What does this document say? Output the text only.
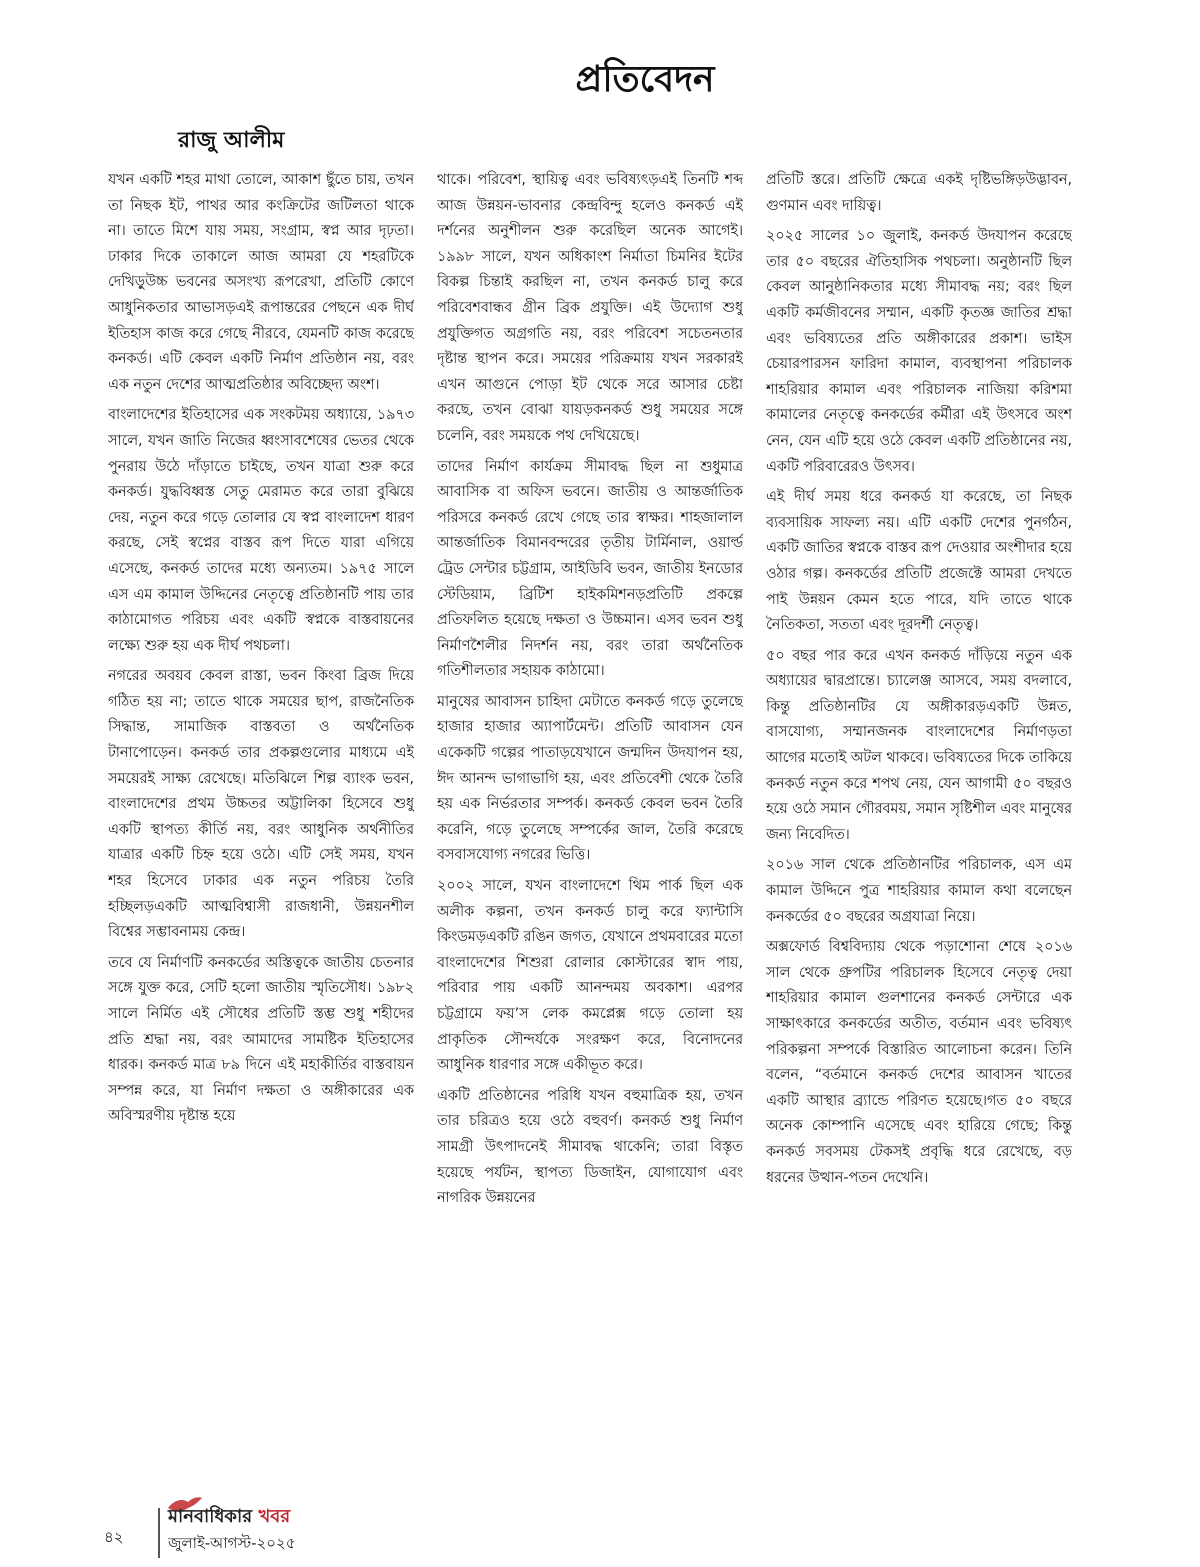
প্রতিবেদন
রাজু আলীম

যখন একটি শহর মাথা তোলে, আকাশ ছুঁতে চায়, তখন তা নিছক ইট, পাথর আর কংক্রিটের জটিলতা থাকে না। তাতে মিশে যায় সময়, সংগ্রাম, স্বপ্ন আর দৃঢ়তা। ঢাকার দিকে তাকালে আজ আমরা যে শহরটিকে দেখিড়ুউচ্চ ভবনের অসংখ্য রূপরেখা, প্রতিটি কোণে আধুনিকতার আভাসড়এই রূপান্তরের পেছনে এক দীর্ঘ ইতিহাস কাজ করে গেছে নীরবে, যেমনটি কাজ করেছে কনকর্ড। এটি কেবল একটি নির্মাণ প্রতিষ্ঠান নয়, বরং এক নতুন দেশের আত্মপ্রতিষ্ঠার অবিচ্ছেদ্য অংশ।

বাংলাদেশের ইতিহাসের এক সংকটময় অধ্যায়ে, ১৯৭৩ সালে, যখন জাতি নিজের ধ্বংসাবশেষের ভেতর থেকে পুনরায় উঠে দাঁড়াতে চাইছে, তখন যাত্রা শুরু করে কনকর্ড। যুদ্ধবিধ্বস্ত সেতু মেরামত করে তারা বুঝিয়ে দেয়, নতুন করে গড়ে তোলার যে স্বপ্ন বাংলাদেশ ধারণ করছে, সেই স্বপ্নের বাস্তব রূপ দিতে যারা এগিয়ে এসেছে, কনকর্ড তাদের মধ্যে অন্যতম। ১৯৭৫ সালে এস এম কামাল উদ্দিনের নেতৃত্বে প্রতিষ্ঠানটি পায় তার কাঠামোগত পরিচয় এবং একটি স্বপ্নকে বাস্তবায়নের লক্ষ্যে শুরু হয় এক দীর্ঘ পথচলা।

নগরের অবয়ব কেবল রাস্তা, ভবন কিংবা ব্রিজ দিয়ে গঠিত হয় না; তাতে থাকে সময়ের ছাপ, রাজনৈতিক সিদ্ধান্ত, সামাজিক বাস্তবতা ও অর্থনৈতিক টানাপোড়েন। কনকর্ড তার প্রকল্পগুলোর মাধ্যমে এই সময়েরই সাক্ষ্য রেখেছে। মতিঝিলে শিল্প ব্যাংক ভবন, বাংলাদেশের প্রথম উচ্চতর অট্টালিকা হিসেবে শুধু একটি স্থাপত্য কীর্তি নয়, বরং আধুনিক অর্থনীতির যাত্রার একটি চিহ্ন হয়ে ওঠে। এটি সেই সময়, যখন শহর হিসেবে ঢাকার এক নতুন পরিচয় তৈরি হচ্ছিলড়একটি আত্মবিশ্বাসী রাজধানী, উন্নয়নশীল বিশ্বের সম্ভাবনাময় কেন্দ্র।

তবে যে নির্মাণটি কনকর্ডের অস্তিত্বকে জাতীয় চেতনার সঙ্গে যুক্ত করে, সেটি হলো জাতীয় স্মৃতিসৌধ। ১৯৮২ সালে নির্মিত এই সৌধের প্রতিটি স্তম্ভ শুধু শহীদের প্রতি শ্রদ্ধা নয়, বরং আমাদের সামষ্টিক ইতিহাসের ধারক। কনকর্ড মাত্র ৮৯ দিনে এই মহাকীর্তির বাস্তবায়ন সম্পন্ন করে, যা নির্মাণ দক্ষতা ও অঙ্গীকারের এক অবিস্মরণীয় দৃষ্টান্ত হয়ে

থাকে। পরিবেশ, স্থায়িত্ব এবং ভবিষ্যৎড়এই তিনটি শব্দ আজ উন্নয়ন-ভাবনার কেন্দ্রবিন্দু হলেও কনকর্ড এই দর্শনের অনুশীলন শুরু করেছিল অনেক আগেই। ১৯৯৮ সালে, যখন অধিকাংশ নির্মাতা চিমনির ইটের বিকল্প চিন্তাই করছিল না, তখন কনকর্ড চালু করে পরিবেশবান্ধব গ্রীন ব্রিক প্রযুক্তি। এই উদ্যোগ শুধু প্রযুক্তিগত অগ্রগতি নয়, বরং পরিবেশ সচেতনতার দৃষ্টান্ত স্থাপন করে। সময়ের পরিক্রমায় যখন সরকারই এখন আগুনে পোড়া ইট থেকে সরে আসার চেষ্টা করছে, তখন বোঝা যায়ড়কনকর্ড শুধু সময়ের সঙ্গে চলেনি, বরং সময়কে পথ দেখিয়েছে।

তাদের নির্মাণ কার্যক্রম সীমাবদ্ধ ছিল না শুধুমাত্র আবাসিক বা অফিস ভবনে। জাতীয় ও আন্তর্জাতিক পরিসরে কনকর্ড রেখে গেছে তার স্বাক্ষর। শাহজালাল আন্তর্জাতিক বিমানবন্দরের তৃতীয় টার্মিনাল, ওয়ার্ল্ড ট্রেড সেন্টার চট্টগ্রাম, আইডিবি ভবন, জাতীয় ইনডোর স্টেডিয়াম, ব্রিটিশ হাইকমিশনড়প্রতিটি প্রকল্পে প্রতিফলিত হয়েছে দক্ষতা ও উচ্চমান। এসব ভবন শুধু নির্মাণশৈলীর নিদর্শন নয়, বরং তারা অর্থনৈতিক গতিশীলতার সহায়ক কাঠামো।

মানুষের আবাসন চাহিদা মেটাতে কনকর্ড গড়ে তুলেছে হাজার হাজার অ্যাপার্টমেন্ট। প্রতিটি আবাসন যেন একেকটি গল্পের পাতাড়যেখানে জন্মদিন উদযাপন হয়, ঈদ আনন্দ ভাগাভাগি হয়, এবং প্রতিবেশী থেকে তৈরি হয় এক নির্ভরতার সম্পর্ক। কনকর্ড কেবল ভবন তৈরি করেনি, গড়ে তুলেছে সম্পর্কের জাল, তৈরি করেছে বসবাসযোগ্য নগরের ভিত্তি।

২০০২ সালে, যখন বাংলাদেশে থিম পার্ক ছিল এক অলীক কল্পনা, তখন কনকর্ড চালু করে ফ্যান্টাসি কিংডমড়একটি রঙিন জগত, যেখানে প্রথমবারের মতো বাংলাদেশের শিশুরা রোলার কোস্টারের স্বাদ পায়, পরিবার পায় একটি আনন্দময় অবকাশ। এরপর চট্টগ্রামে ফয়’স লেক কমপ্লেক্স গড়ে তোলা হয় প্রাকৃতিক সৌন্দর্যকে সংরক্ষণ করে, বিনোদনের আধুনিক ধারণার সঙ্গে একীভূত করে।

একটি প্রতিষ্ঠানের পরিধি যখন বহুমাত্রিক হয়, তখন তার চরিত্রও হয়ে ওঠে বহুবর্ণ। কনকর্ড শুধু নির্মাণ সামগ্রী উৎপাদনেই সীমাবদ্ধ থাকেনি; তারা বিস্তৃত হয়েছে পর্যটন, স্থাপত্য ডিজাইন, যোগাযোগ এবং নাগরিক উন্নয়নের

প্রতিটি স্তরে। প্রতিটি ক্ষেত্রে একই দৃষ্টিভঙ্গিড়উদ্ভাবন, গুণমান এবং দায়িত্ব।

২০২৫ সালের ১০ জুলাই, কনকর্ড উদযাপন করেছে তার ৫০ বছরের ঐতিহাসিক পথচলা। অনুষ্ঠানটি ছিল কেবল আনুষ্ঠানিকতার মধ্যে সীমাবদ্ধ নয়; বরং ছিল একটি কর্মজীবনের সম্মান, একটি কৃতজ্ঞ জাতির শ্রদ্ধা এবং ভবিষ্যতের প্রতি অঙ্গীকারের প্রকাশ। ভাইস চেয়ারপারসন ফারিদা কামাল, ব্যবস্থাপনা পরিচালক শাহরিয়ার কামাল এবং পরিচালক নাজিয়া করিশমা কামালের নেতৃত্বে কনকর্ডের কর্মীরা এই উৎসবে অংশ নেন, যেন এটি হয়ে ওঠে কেবল একটি প্রতিষ্ঠানের নয়, একটি পরিবারেরও উৎসব।

এই দীর্ঘ সময় ধরে কনকর্ড যা করেছে, তা নিছক ব্যবসায়িক সাফল্য নয়। এটি একটি দেশের পুনর্গঠন, একটি জাতির স্বপ্নকে বাস্তব রূপ দেওয়ার অংশীদার হয়ে ওঠার গল্প। কনকর্ডের প্রতিটি প্রজেক্টে আমরা দেখতে পাই উন্নয়ন কেমন হতে পারে, যদি তাতে থাকে নৈতিকতা, সততা এবং দূরদর্শী নেতৃত্ব।

৫০ বছর পার করে এখন কনকর্ড দাঁড়িয়ে নতুন এক অধ্যায়ের দ্বারপ্রান্তে। চ্যালেঞ্জ আসবে, সময় বদলাবে, কিন্তু প্রতিষ্ঠানটির যে অঙ্গীকারড়একটি উন্নত, বাসযোগ্য, সম্মানজনক বাংলাদেশের নির্মাণড়তা আগের মতোই অটল থাকবে। ভবিষ্যতের দিকে তাকিয়ে কনকর্ড নতুন করে শপথ নেয়, যেন আগামী ৫০ বছরও হয়ে ওঠে সমান গৌরবময়, সমান সৃষ্টিশীল এবং মানুষের জন্য নিবেদিত।

২০১৬ সাল থেকে প্রতিষ্ঠানটির পরিচালক, এস এম কামাল উদ্দিনে পুত্র শাহরিয়ার কামাল কথা বলেছেন কনকর্ডের ৫০ বছরের অগ্রযাত্রা নিয়ে।

অক্সফোর্ড বিশ্ববিদ্যায় থেকে পড়াশোনা শেষে ২০১৬ সাল থেকে গ্রুপটির পরিচালক হিসেবে নেতৃত্ব দেয়া শাহরিয়ার কামাল গুলশানের কনকর্ড সেন্টারে এক সাক্ষাৎকারে কনকর্ডের অতীত, বর্তমান এবং ভবিষ্যৎ পরিকল্পনা সম্পর্কে বিস্তারিত আলোচনা করেন। তিনি বলেন, “বর্তমানে কনকর্ড দেশের আবাসন খাতের একটি আস্থার ব্র্যান্ডে পরিণত হয়েছে।গত ৫০ বছরে অনেক কোম্পানি এসেছে এবং হারিয়ে গেছে; কিন্তু কনকর্ড সবসময় টেকসই প্রবৃদ্ধি ধরে রেখেছে, বড় ধরনের উত্থান-পতন দেখেনি।

৪২
মানবাধিকার খবর
জুলাই-আগস্ট-২০২৫
